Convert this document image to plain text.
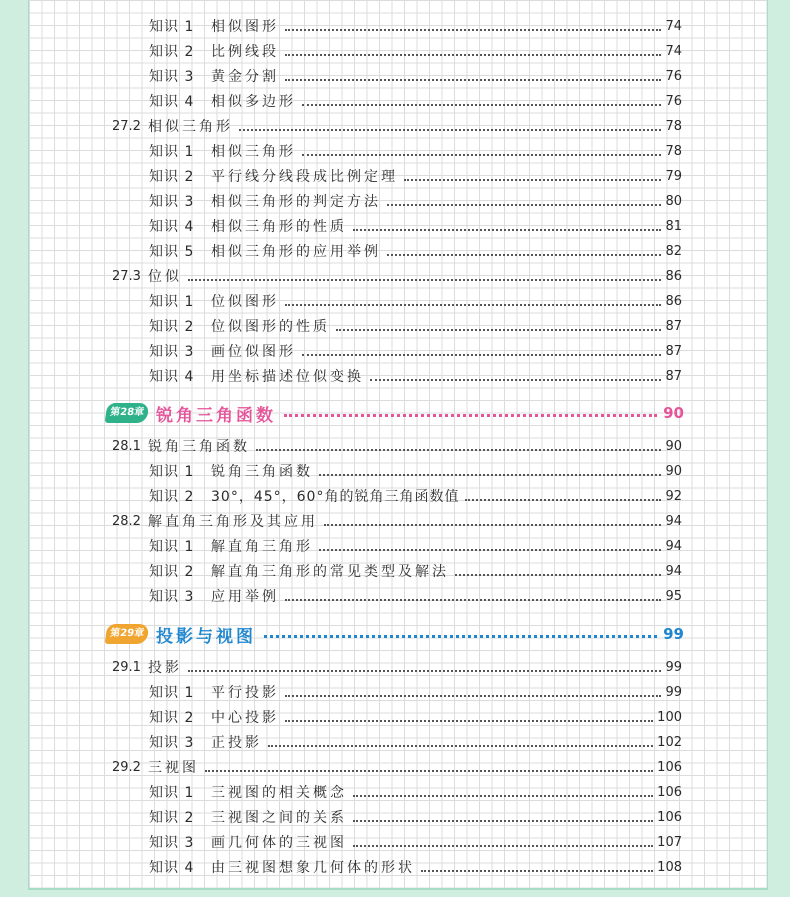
知识 1	相似图形	74
知识 2	比例线段	74
知识 3	黄金分割	76
知识 4	相似多边形	76
27.2 相似三角形	78
知识 1	相似三角形	78
知识 2	平行线分线段成比例定理	79
知识 3	相似三角形的判定方法	80
知识 4	相似三角形的性质	81
知识 5	相似三角形的应用举例	82
27.3 位似	86
知识 1	位似图形	86
知识 2	位似图形的性质	87
知识 3	画位似图形	87
知识 4	用坐标描述位似变换	87
第28章 锐角三角函数	90
28.1 锐角三角函数	90
知识 1	锐角三角函数	90
知识 2	30°，45°，60°角的锐角三角函数值	92
28.2 解直角三角形及其应用	94
知识 1	解直角三角形	94
知识 2	解直角三角形的常见类型及解法	94
知识 3	应用举例	95
第29章 投影与视图	99
29.1 投影	99
知识 1	平行投影	99
知识 2	中心投影	100
知识 3	正投影	102
29.2 三视图	106
知识 1	三视图的相关概念	106
知识 2	三视图之间的关系	106
知识 3	画几何体的三视图	107
知识 4	由三视图想象几何体的形状	108
